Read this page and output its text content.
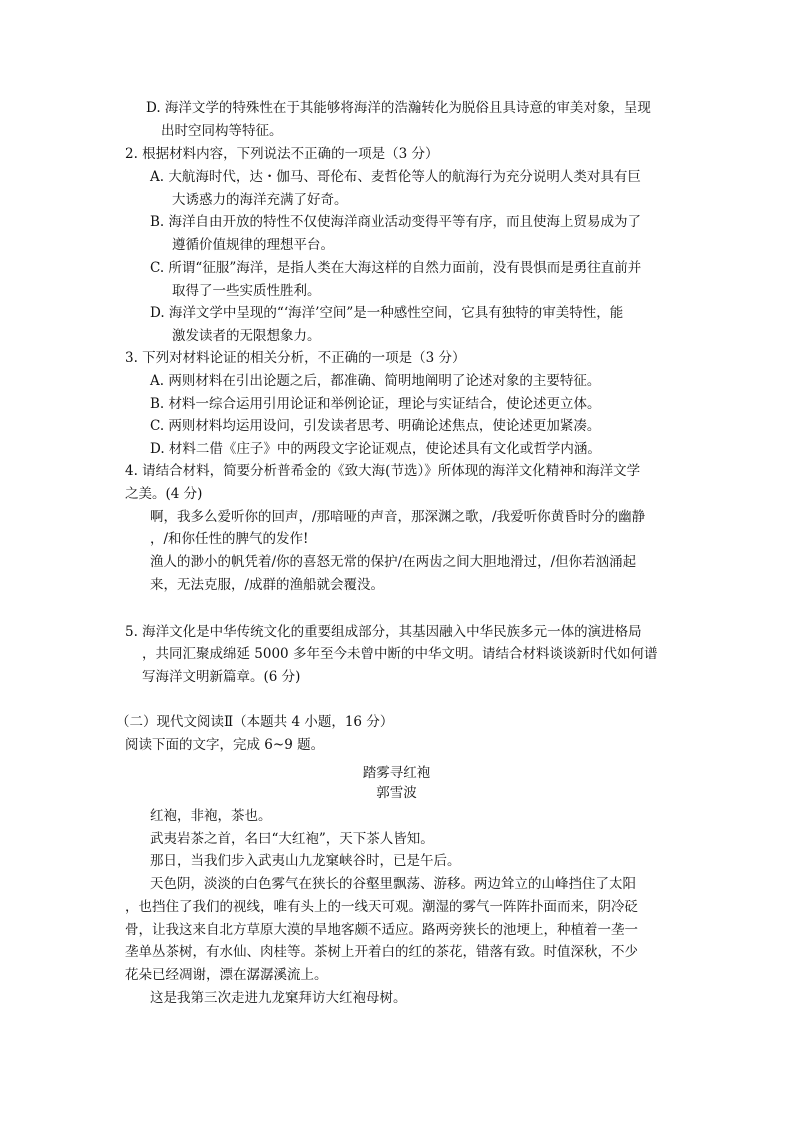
D. 海洋文学的特殊性在于其能够将海洋的浩瀚转化为脱俗且具诗意的审美对象，呈现
出时空同构等特征。
2. 根据材料内容，下列说法不正确的一项是（3 分）
A. 大航海时代，达・伽马、哥伦布、麦哲伦等人的航海行为充分说明人类对具有巨
大诱惑力的海洋充满了好奇。
B. 海洋自由开放的特性不仅使海洋商业活动变得平等有序，而且使海上贸易成为了
遵循价值规律的理想平台。
C. 所谓“征服”海洋，是指人类在大海这样的自然力面前，没有畏惧而是勇往直前并
取得了一些实质性胜利。
D. 海洋文学中呈现的“‘海洋’空间”是一种感性空间，它具有独特的审美特性，能
激发读者的无限想象力。
3. 下列对材料论证的相关分析，不正确的一项是（3 分）
A. 两则材料在引出论题之后，都准确、简明地阐明了论述对象的主要特征。
B. 材料一综合运用引用论证和举例论证，理论与实证结合，使论述更立体。
C. 两则材料均运用设问，引发读者思考、明确论述焦点，使论述更加紧凑。
D. 材料二借《庄子》中的两段文字论证观点，使论述具有文化或哲学内涵。
4. 请结合材料，简要分析普希金的《致大海(节选）》所体现的海洋文化精神和海洋文学
之美。(4 分)
啊，我多么爱听你的回声，/那喑哑的声音，那深渊之歌，/我爱听你黄昏时分的幽静
，/和你任性的脾气的发作!
渔人的渺小的帆凭着/你的喜怒无常的保护/在两齿之间大胆地滑过，/但你若汹涌起
来，无法克服，/成群的渔船就会覆没。
5. 海洋文化是中华传统文化的重要组成部分，其基因融入中华民族多元一体的演进格局
，共同汇聚成绵延 5000 多年至今未曾中断的中华文明。请结合材料谈谈新时代如何谱
写海洋文明新篇章。(6 分)
（二）现代文阅读Ⅱ（本题共 4 小题，16 分）
阅读下面的文字，完成 6~9 题。
踏雾寻红袍
郭雪波
红袍，非袍，茶也。
武夷岩茶之首，名曰“大红袍”，天下茶人皆知。
那日，当我们步入武夷山九龙窠峡谷时，已是午后。
天色阴，淡淡的白色雾气在狭长的谷壑里飘荡、游移。两边耸立的山峰挡住了太阳
，也挡住了我们的视线，唯有头上的一线天可观。潮湿的雾气一阵阵扑面而来，阴冷砭
骨，让我这来自北方草原大漠的旱地客颇不适应。路两旁狭长的池埂上，种植着一垄一
垄单丛茶树，有水仙、肉桂等。茶树上开着白的红的茶花，错落有致。时值深秋，不少
花朵已经凋谢，漂在潺潺溪流上。
这是我第三次走进九龙窠拜访大红袍母树。
